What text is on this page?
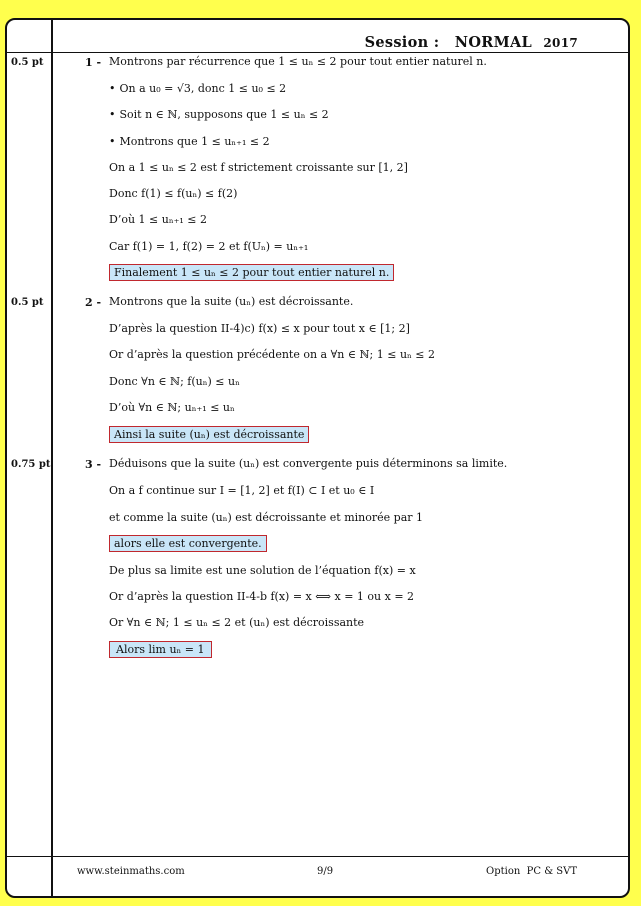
Session : NORMAL 2017
0.5 pt	1 - Montrons par récurrence que 1 ≤ uₙ ≤ 2 pour tout entier naturel n.
• On a u₀ = √3, donc 1 ≤ u₀ ≤ 2
• Soit n ∈ ℕ, supposons que 1 ≤ uₙ ≤ 2
• Montrons que 1 ≤ uₙ₊₁ ≤ 2
On a 1 ≤ uₙ ≤ 2 est f strictement croissante sur [1, 2]
Donc f(1) ≤ f(uₙ) ≤ f(2)
D’où 1 ≤ uₙ₊₁ ≤ 2
Car f(1) = 1, f(2) = 2 et f(Uₙ) = uₙ₊₁
Finalement 1 ≤ uₙ ≤ 2 pour tout entier naturel n.
0.5 pt	2 - Montrons que la suite (uₙ) est décroissante.
D’après la question II-4)c) f(x) ≤ x pour tout x ∈ [1; 2]
Or d’après la question précédente on a ∀n ∈ ℕ; 1 ≤ uₙ ≤ 2
Donc ∀n ∈ ℕ; f(uₙ) ≤ uₙ
D’où ∀n ∈ ℕ; uₙ₊₁ ≤ uₙ
Ainsi la suite (uₙ) est décroissante
0.75 pt	3 - Déduisons que la suite (uₙ) est convergente puis déterminons sa limite.
On a f continue sur I = [1, 2] et f(I) ⊂ I et u₀ ∈ I
et comme la suite (uₙ) est décroissante et minorée par 1
alors elle est convergente.
De plus sa limite est une solution de l’équation f(x) = x
Or d’après la question II-4-b f(x) = x ⟺ x = 1 ou x = 2
Or ∀n ∈ ℕ; 1 ≤ uₙ ≤ 2 et (uₙ) est décroissante
Alors lim uₙ = 1
www.steinmaths.com	9/9	Option  PC & SVT
